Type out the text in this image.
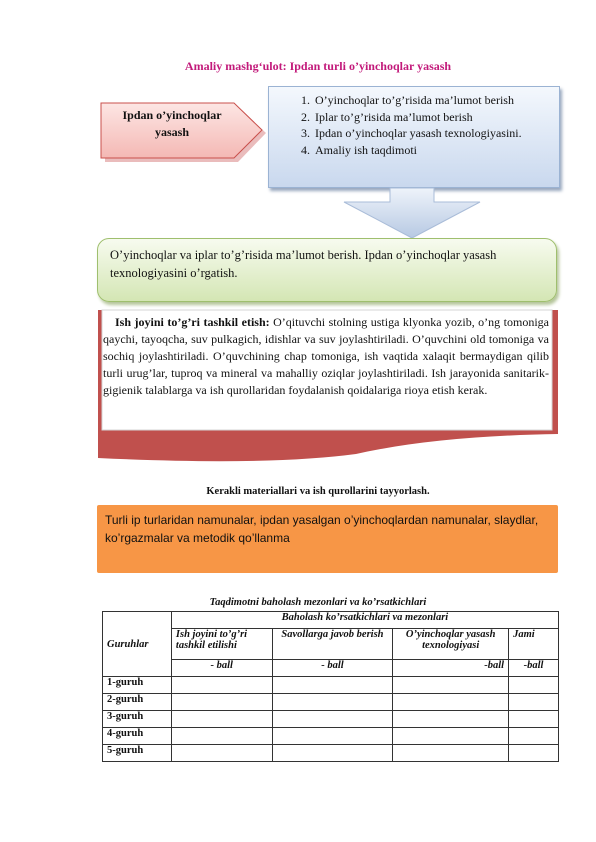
Amaliy mashg‘ulot: Ipdan turli o’yinchoqlar yasash
Ipdan o’yinchoqlar yasash
1. O’yinchoqlar to’g’risida ma’lumot berish
2. Iplar to’g’risida ma’lumot berish
3. Ipdan o’yinchoqlar yasash texnologiyasini.
4. Amaliy ish taqdimoti
O’yinchoqlar va iplar to’g’risida ma’lumot berish. Ipdan o’yinchoqlar yasash texnologiyasini o’rgatish.
Ish joyini to’g’ri tashkil etish: O’qituvchi stolning ustiga klyonka yozib, o’ng tomoniga qaychi, tayoqcha, suv pulkagich, idishlar va suv joylashtiriladi. O’quvchini old tomoniga va sochiq joylashtiriladi. O’quvchining chap tomoniga, ish vaqtida xalaqit bermaydigan qilib turli urug’lar, tuproq va mineral va mahalliy oziqlar joylashtiriladi. Ish jarayonida sanitarik-gigienik talablarga va ish qurollaridan foydalanish qoidalariga rioya etish kerak.
Kerakli materiallari va ish qurollarini tayyorlash.
Turli ip turlaridan namunalar, ipdan yasalgan o’yinchoqlardan namunalar, slaydlar, ko’rgazmalar va metodik qo’llanma
Taqdimotni baholash mezonlari va ko’rsatkichlari
Guruhlar	Baholash ko’rsatkichlari va mezonlari			
	Ish joyini to’g’ri tashkil etilishi	Savollarga javob berish	O’yinchoqlar yasash texnologiyasi	Jami
	- ball	- ball	-ball	-ball
1-guruh				
2-guruh				
3-guruh				
4-guruh				
5-guruh				
